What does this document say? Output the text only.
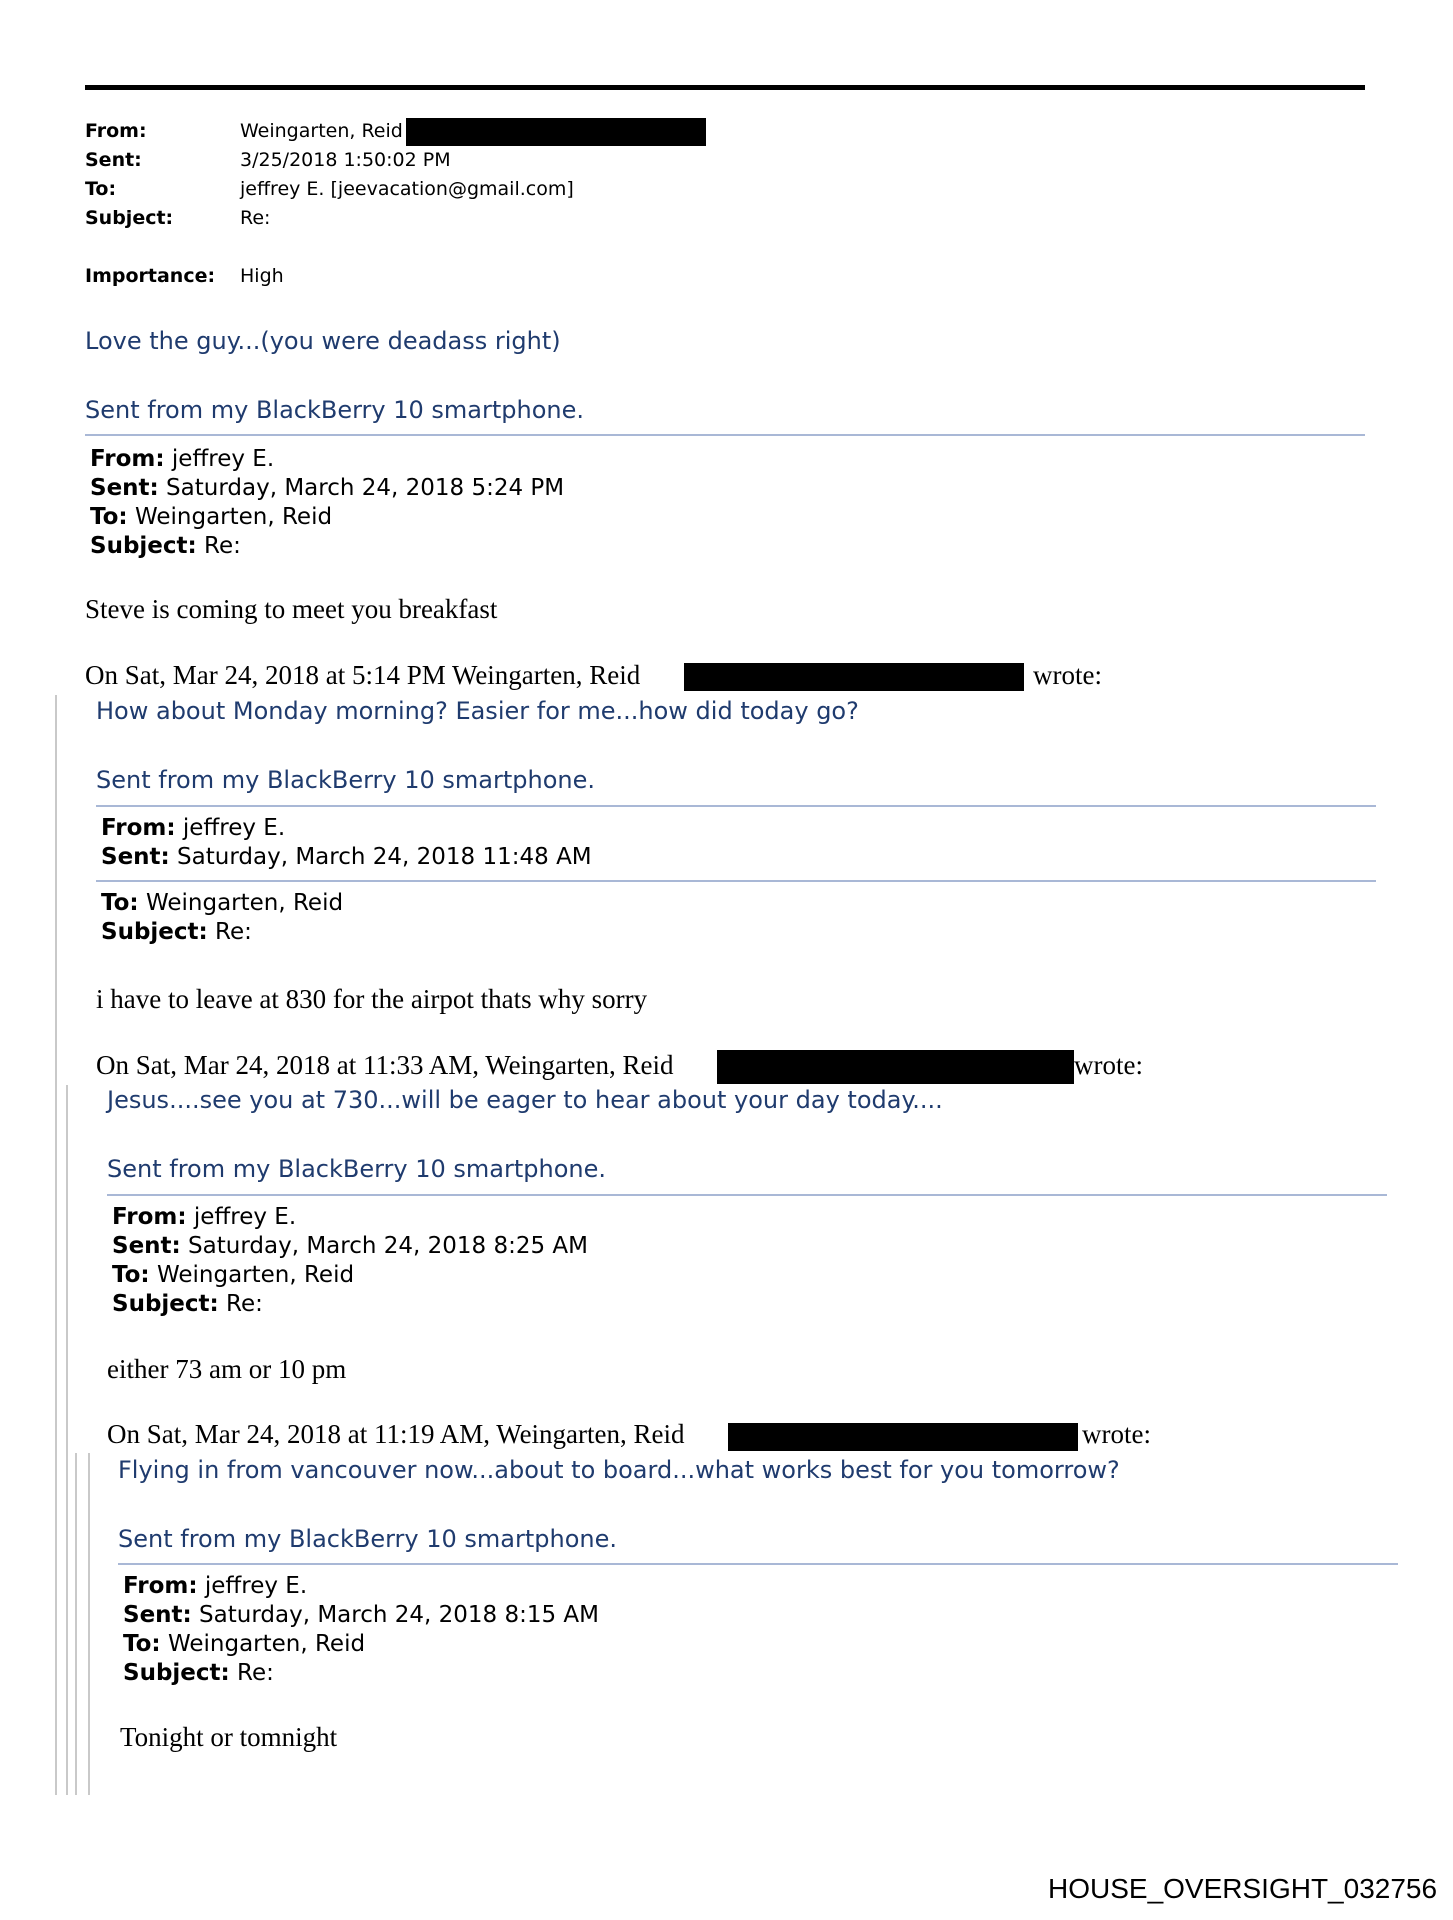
From:	Weingarten, Reid
Sent:	3/25/2018 1:50:02 PM
To:	jeffrey E. [jeevacation@gmail.com]
Subject:	Re:
Importance: High
Love the guy...(you were deadass right)
Sent from my BlackBerry 10 smartphone.
From: jeffrey E.
Sent: Saturday, March 24, 2018 5:24 PM
To: Weingarten, Reid
Subject: Re:
Steve is coming to meet you breakfast
On Sat, Mar 24, 2018 at 5:14 PM Weingarten, Reid	wrote:
How about Monday morning? Easier for me...how did today go?
Sent from my BlackBerry 10 smartphone.
From: jeffrey E.
Sent: Saturday, March 24, 2018 11:48 AM
To: Weingarten, Reid
Subject: Re:
i have to leave at 830 for the airpot thats why sorry
On Sat, Mar 24, 2018 at 11:33 AM, Weingarten, Reid	wrote:
Jesus....see you at 730...will be eager to hear about your day today....
Sent from my BlackBerry 10 smartphone.
From: jeffrey E.
Sent: Saturday, March 24, 2018 8:25 AM
To: Weingarten, Reid
Subject: Re:
either 73 am or 10 pm
On Sat, Mar 24, 2018 at 11:19 AM, Weingarten, Reid	wrote:
Flying in from vancouver now...about to board...what works best for you tomorrow?
Sent from my BlackBerry 10 smartphone.
From: jeffrey E.
Sent: Saturday, March 24, 2018 8:15 AM
To: Weingarten, Reid
Subject: Re:
Tonight or tomnight
HOUSE_OVERSIGHT_032756
